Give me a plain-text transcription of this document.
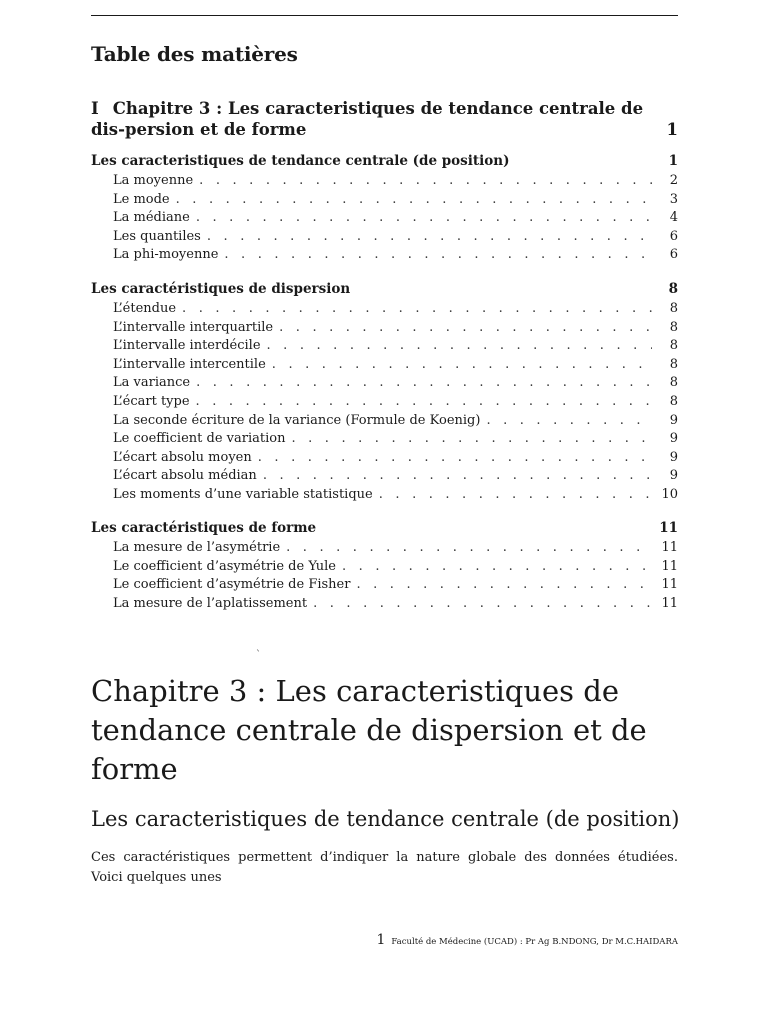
Table des matières
I Chapitre 3 : Les caracteristiques de tendance centrale de dis-persion et de forme	1
Les caracteristiques de tendance centrale (de position)	1
La moyenne . . .	2
Le mode . . .	3
La médiane . . .	4
Les quantiles . . .	6
La phi-moyenne . . .	6
Les caractéristiques de dispersion	8
L’étendue . . .	8
L’intervalle interquartile . . .	8
L’intervalle interdécile . . .	8
L’intervalle intercentile . . .	8
La variance . . .	8
L’écart type . . .	8
La seconde écriture de la variance (Formule de Koenig) . . .	9
Le coefficient de variation . . .	9
L’écart absolu moyen . . .	9
L’écart absolu médian . . .	9
Les moments d’une variable statistique . . .	10
Les caractéristiques de forme	11
La mesure de l’asymétrie . . .	11
Le coefficient d’asymétrie de Yule . . .	11
Le coefficient d’asymétrie de Fisher . . .	11
La mesure de l’aplatissement . . .	11
`
Chapitre 3 : Les caracteristiques de tendance centrale de dispersion et de forme
Les caracteristiques de tendance centrale (de position)

Ces caractéristiques permettent d’indiquer la nature globale des données étudiées. Voici quelques unes

1 Faculté de Médecine (UCAD) : Pr Ag B.NDONG, Dr M.C.HAIDARA
